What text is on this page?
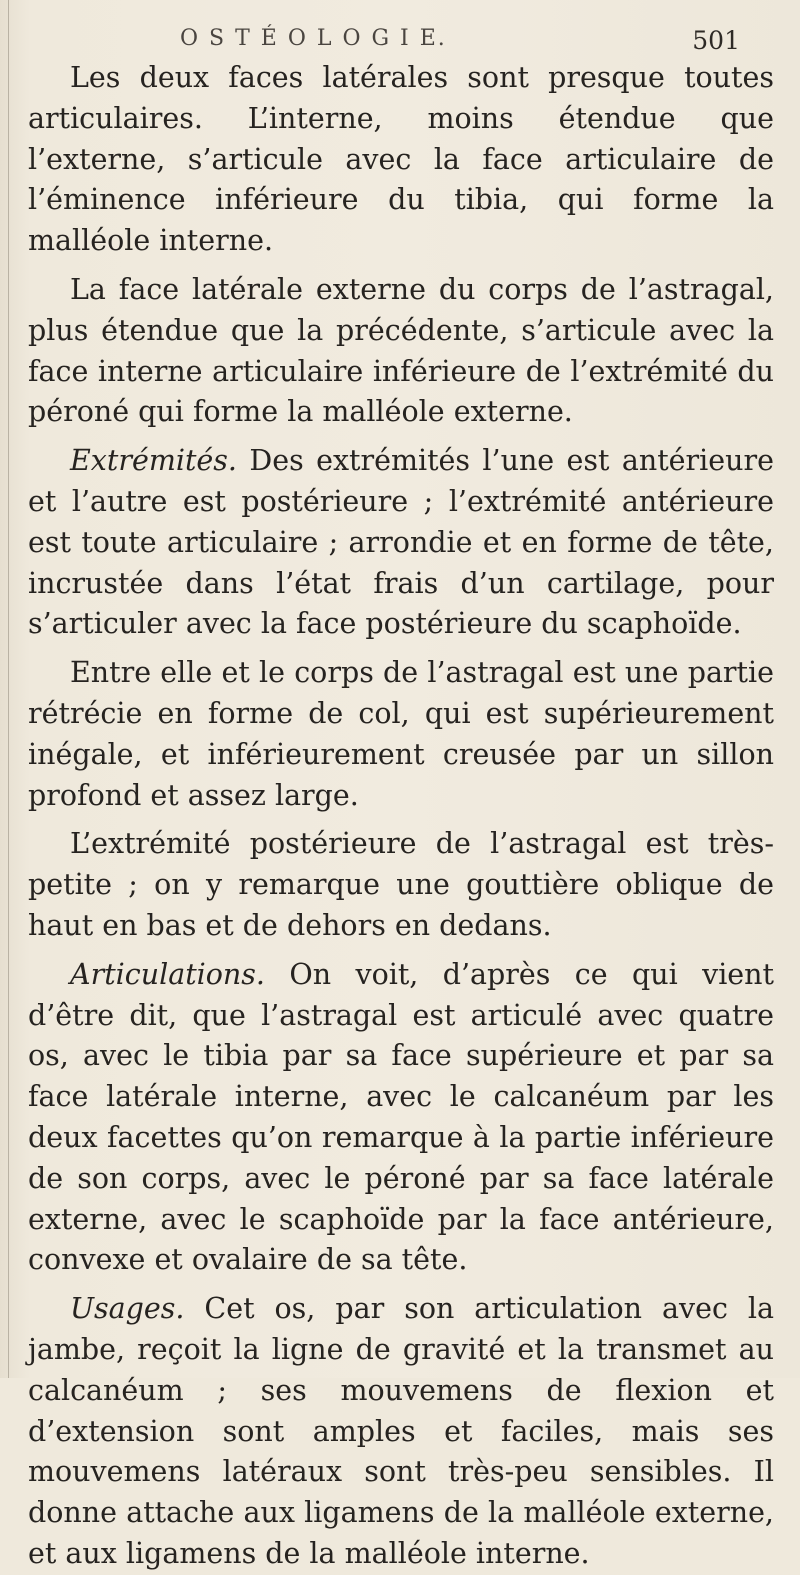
O S T É O L O G I E.	501

Les deux faces latérales sont presque toutes articulaires. L’interne, moins étendue que l’externe, s’articule avec la face articulaire de l’éminence inférieure du tibia, qui forme la malléole interne.

La face latérale externe du corps de l’astragal, plus étendue que la précédente, s’articule avec la face interne articulaire inférieure de l’extrémité du péroné qui forme la malléole externe.

Extrémités. Des extrémités l’une est antérieure et l’autre est postérieure ; l’extrémité antérieure est toute articulaire ; arrondie et en forme de tête, incrustée dans l’état frais d’un cartilage, pour s’articuler avec la face postérieure du scaphoïde.

Entre elle et le corps de l’astragal est une partie rétrécie en forme de col, qui est supérieurement inégale, et inférieurement creusée par un sillon profond et assez large.

L’extrémité postérieure de l’astragal est très-petite ; on y remarque une gouttière oblique de haut en bas et de dehors en dedans.

Articulations. On voit, d’après ce qui vient d’être dit, que l’astragal est articulé avec quatre os, avec le tibia par sa face supérieure et par sa face latérale interne, avec le calcanéum par les deux facettes qu’on remarque à la partie inférieure de son corps, avec le péroné par sa face latérale externe, avec le scaphoïde par la face antérieure, convexe et ovalaire de sa tête.

Usages. Cet os, par son articulation avec la jambe, reçoit la ligne de gravité et la transmet au calcanéum ; ses mouvemens de flexion et d’extension sont amples et faciles, mais ses mouvemens latéraux sont très-peu sensibles. Il donne attache aux ligamens de la malléole externe, et aux ligamens de la malléole interne.
